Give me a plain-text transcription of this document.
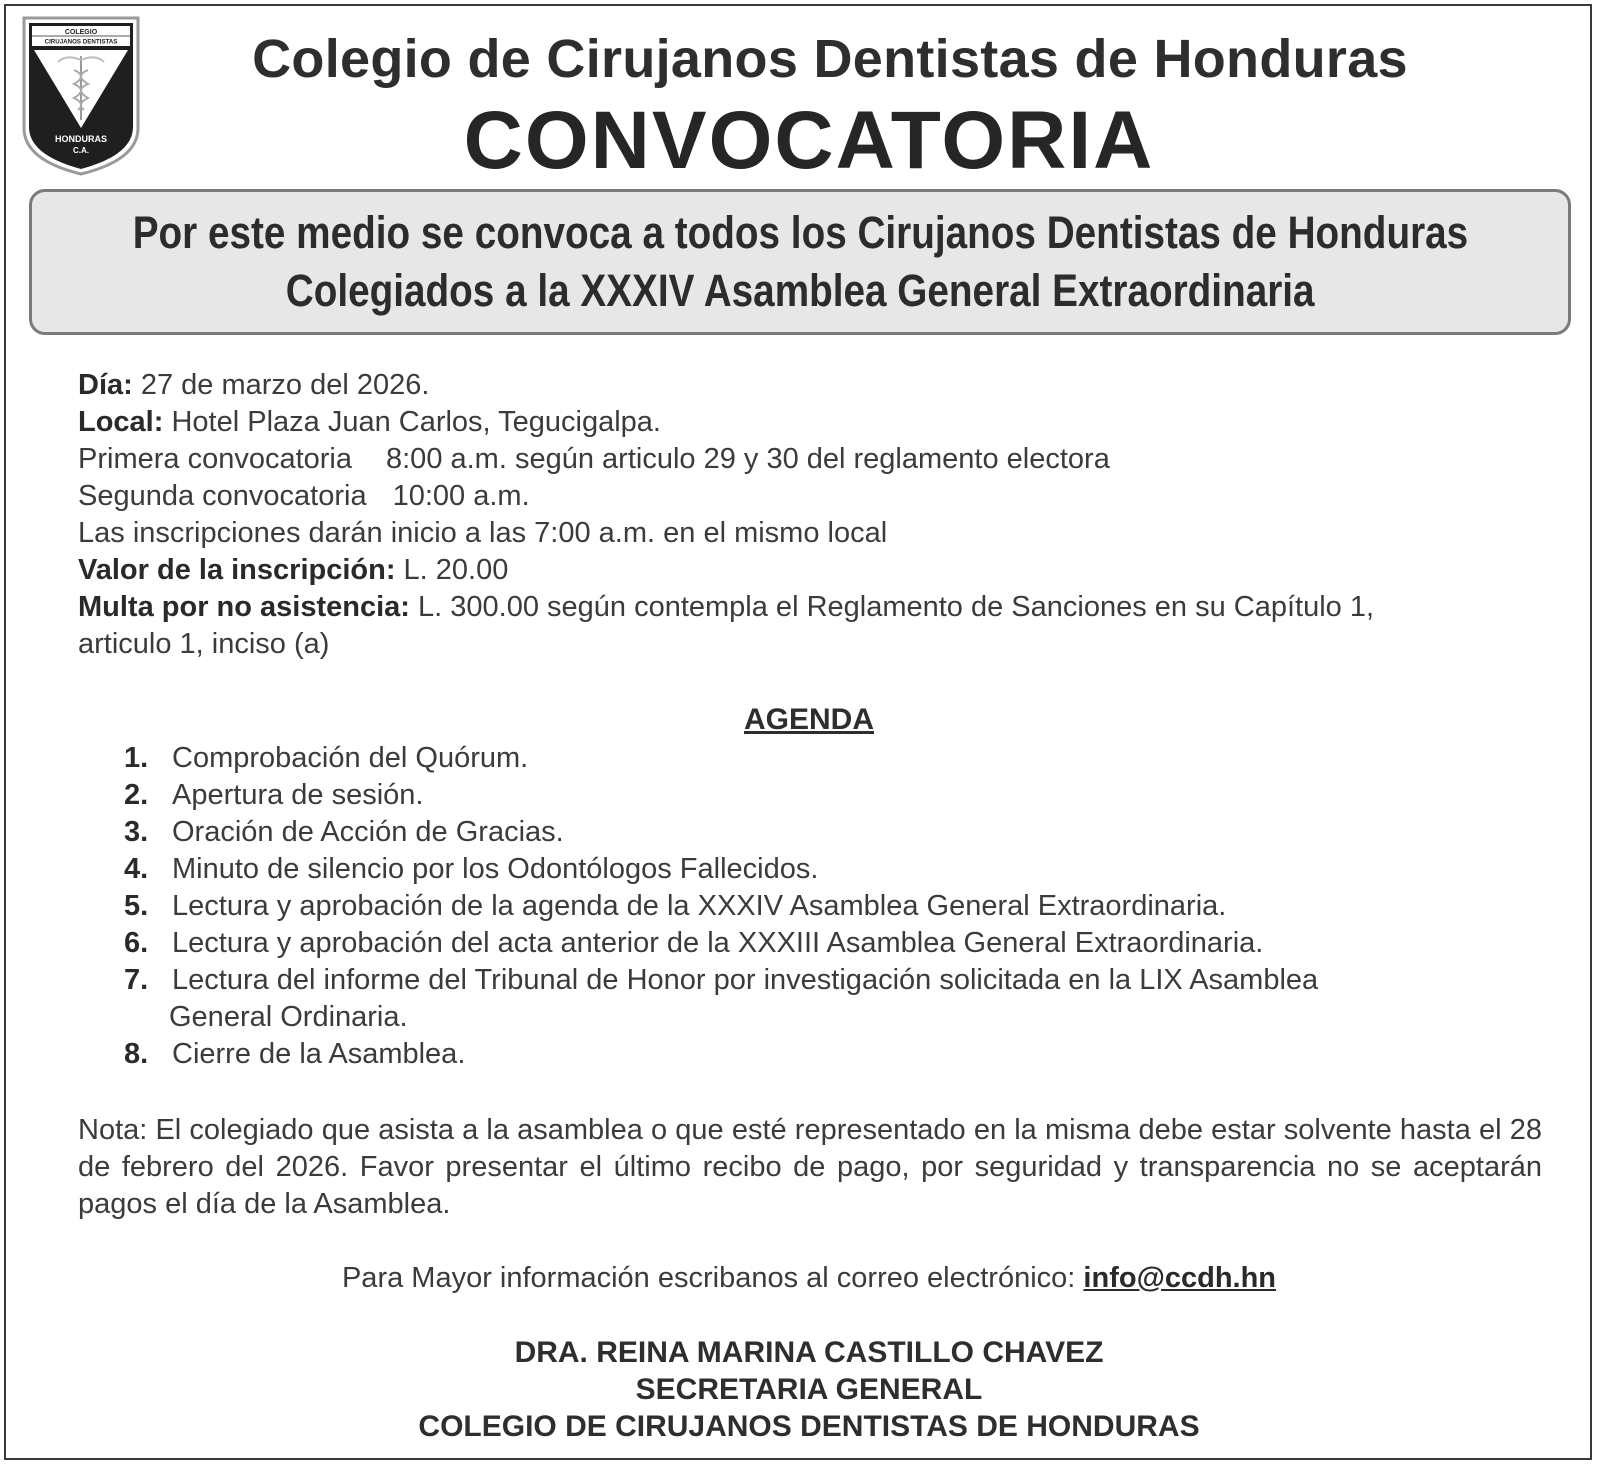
COLEGIO
CIRUJANOS DENTISTAS
HONDURAS
C.A.
Colegio de Cirujanos Dentistas de Honduras
CONVOCATORIA
Por este medio se convoca a todos los Cirujanos Dentistas de Honduras
Colegiados a la XXXIV Asamblea General Extraordinaria

Día: 27 de marzo del 2026.

Local: Hotel Plaza Juan Carlos, Tegucigalpa.

Primera convocatoria 8:00 a.m. según articulo 29 y 30 del reglamento electora

Segunda convocatoria 10:00 a.m.

Las inscripciones darán inicio a las 7:00 a.m. en el mismo local

Valor de la inscripción: L. 20.00

Multa por no asistencia: L. 300.00 según contempla el Reglamento de Sanciones en su Capítulo 1,

articulo 1, inciso (a)

AGENDA
1. Comprobación del Quórum.
2. Apertura de sesión.
3. Oración de Acción de Gracias.
4. Minuto de silencio por los Odontólogos Fallecidos.
5. Lectura y aprobación de la agenda de la XXXIV Asamblea General Extraordinaria.
6. Lectura y aprobación del acta anterior de la XXXIII Asamblea General Extraordinaria.
7. Lectura del informe del Tribunal de Honor por investigación solicitada en la LIX Asamblea
General Ordinaria.
8. Cierre de la Asamblea.

Nota: El colegiado que asista a la asamblea o que esté representado en la misma debe estar solvente hasta el 28 de febrero del 2026. Favor presentar el último recibo de pago, por seguridad y transparencia no se aceptarán pagos el día de la Asamblea.

Para Mayor información escribanos al correo electrónico: info@ccdh.hn
DRA. REINA MARINA CASTILLO CHAVEZ
SECRETARIA GENERAL
COLEGIO DE CIRUJANOS DENTISTAS DE HONDURAS
